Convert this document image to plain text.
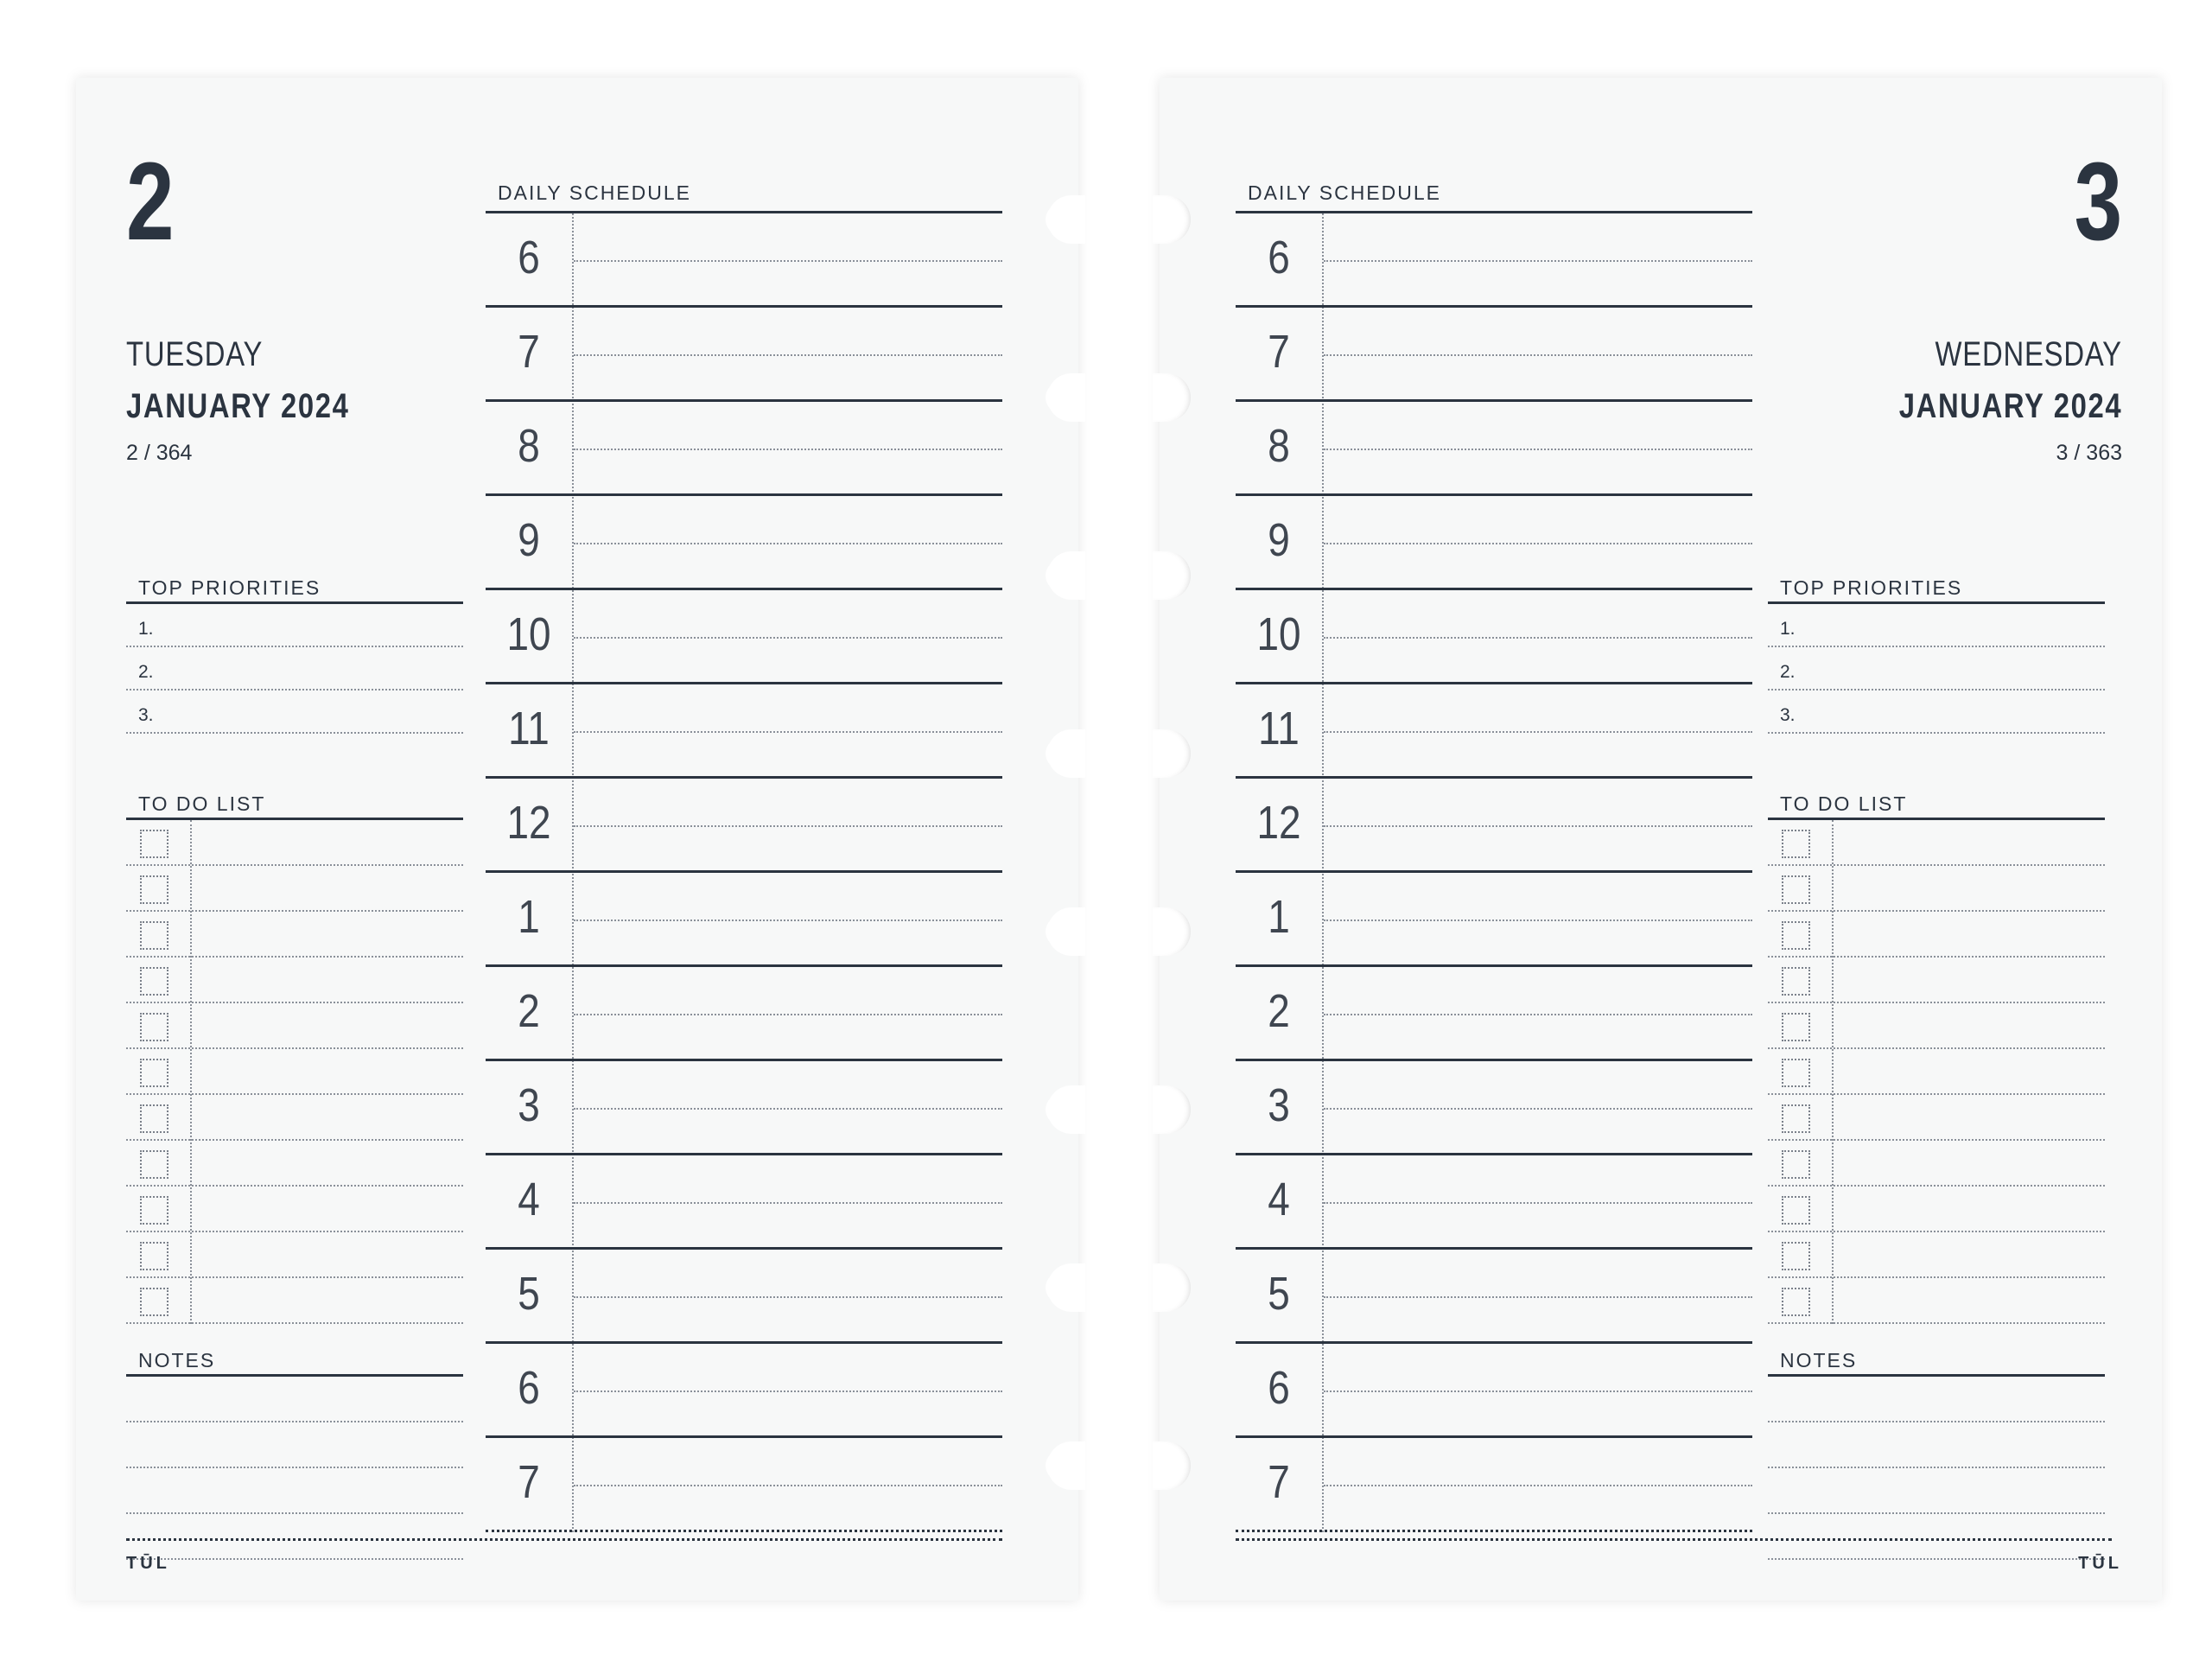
2
TUESDAY
JANUARY 2024
2 / 364
TOP PRIORITIES
1.
2.
3.
TO DO LIST
NOTES
DAILY SCHEDULE
6
7
8
9
10
11
12
1
2
3
4
5
6
7
TŪL
3
WEDNESDAY
JANUARY 2024
3 / 363
TOP PRIORITIES
1.
2.
3.
TO DO LIST
NOTES
DAILY SCHEDULE
6
7
8
9
10
11
12
1
2
3
4
5
6
7
TŪL
